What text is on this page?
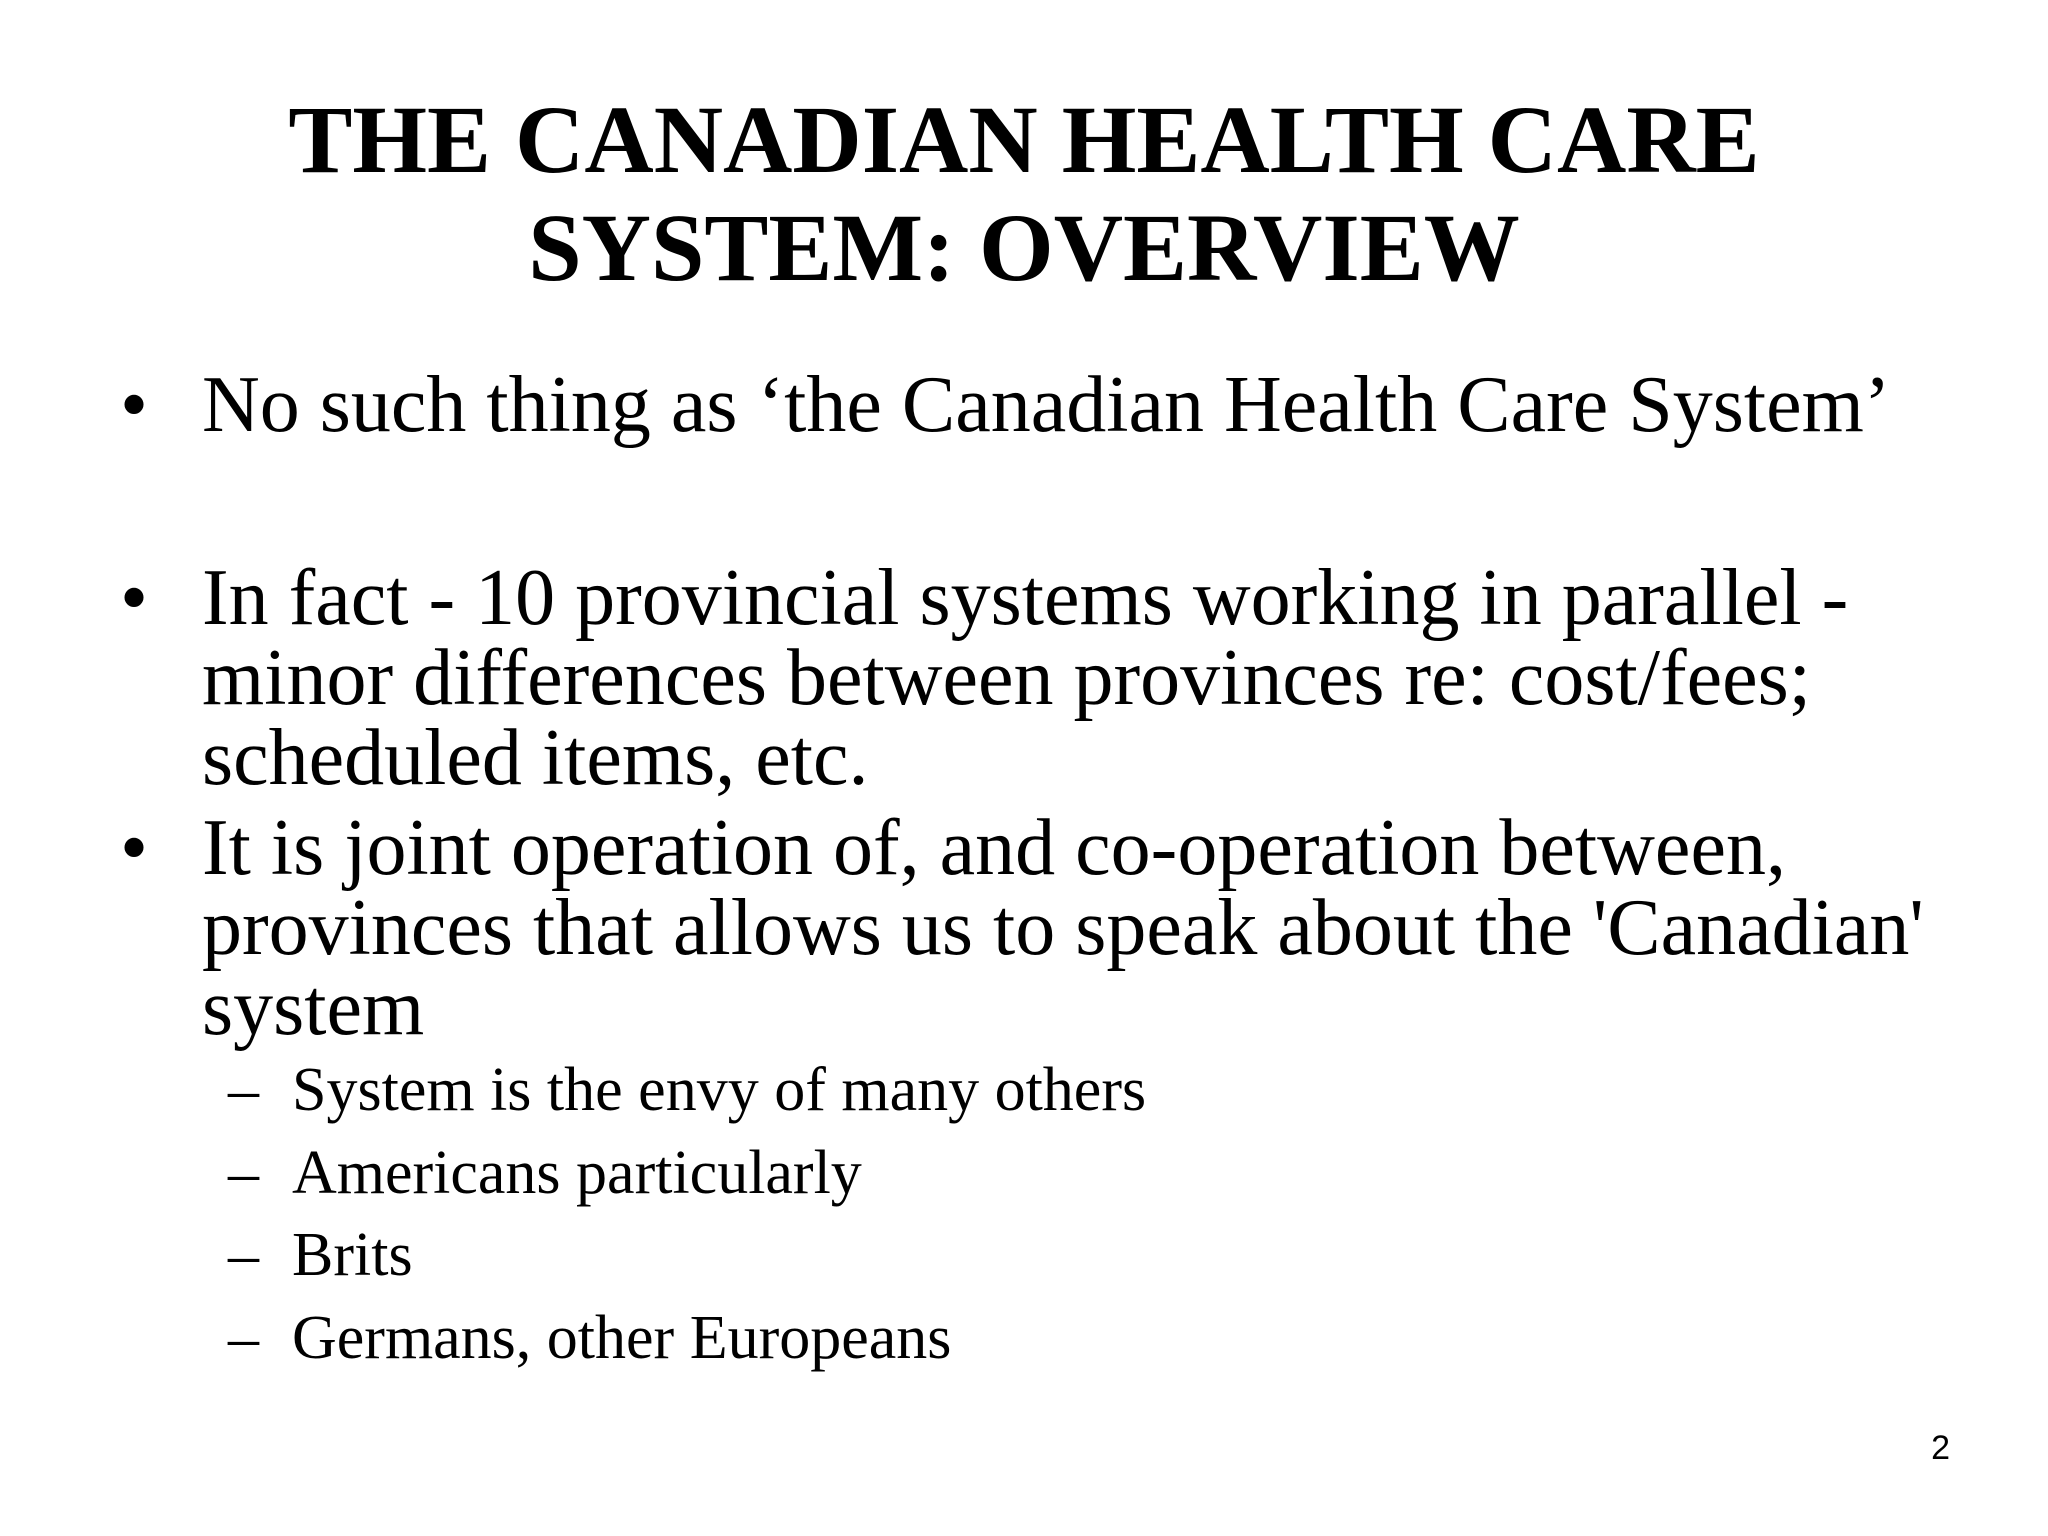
THE CANADIAN HEALTH CARE
SYSTEM: OVERVIEW
• No such thing as ‘the Canadian Health Care System’
• In fact - 10 provincial systems working in parallel -
minor differences between provinces re: cost/fees;
scheduled items, etc.
• It is joint operation of, and co-operation between,
provinces that allows us to speak about the 'Canadian'
system
– System is the envy of many others
– Americans particularly
– Brits
– Germans, other Europeans
2
